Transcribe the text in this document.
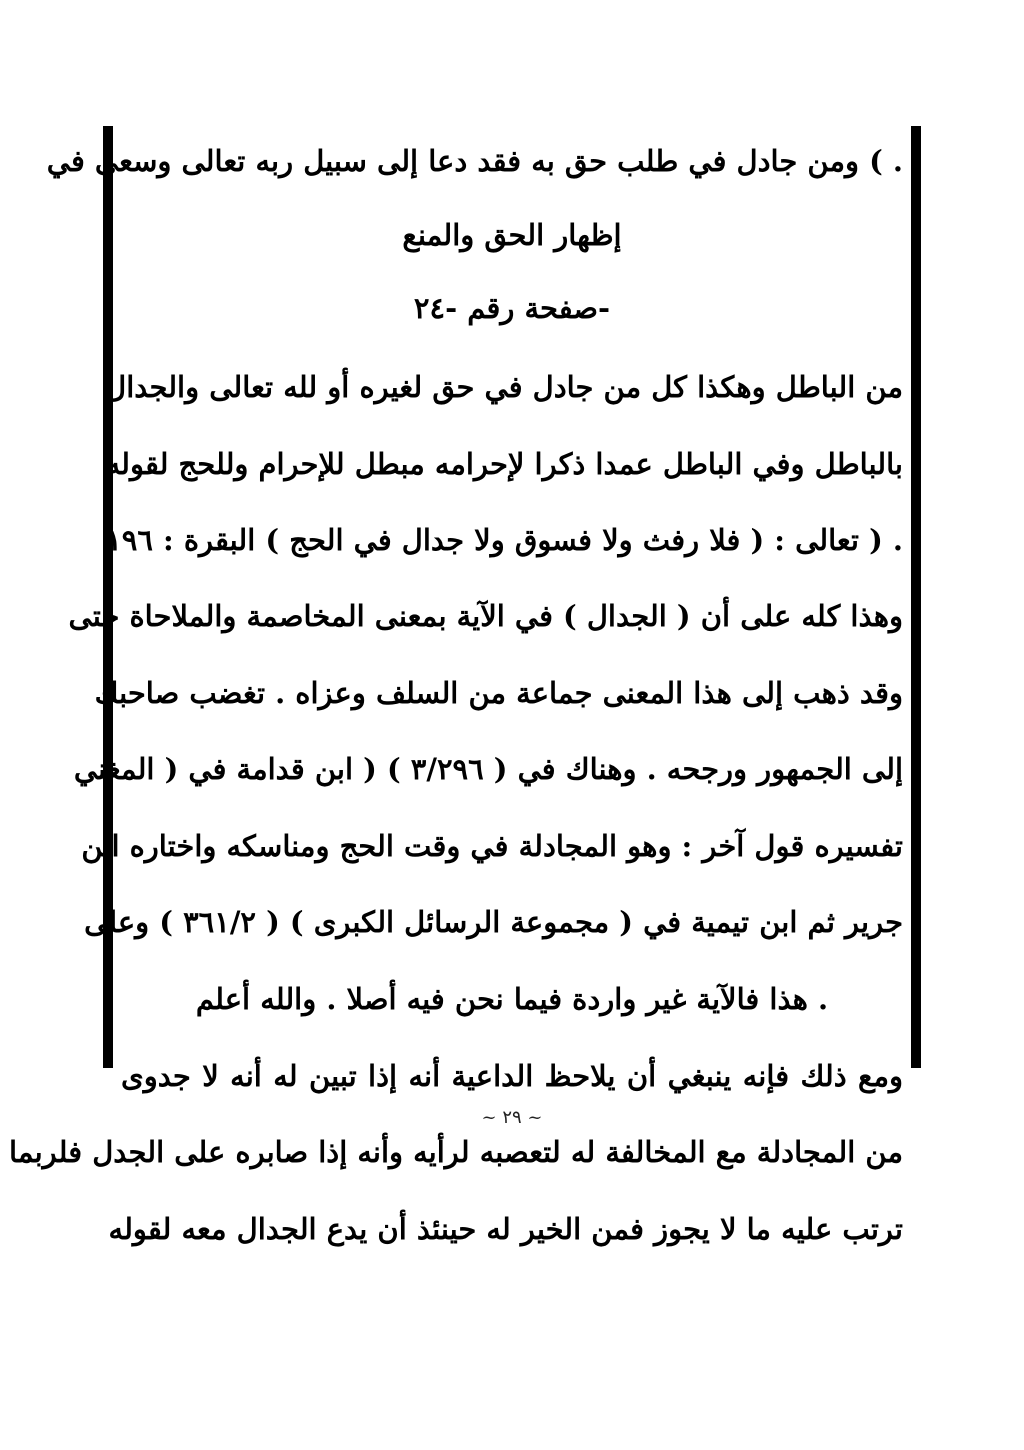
. ) ومن جادل في طلب حق به فقد دعا إلى سبيل ربه تعالى وسعى في
إظهار الحق والمنع
-صفحة رقم -٢٤
من الباطل وهكذا كل من جادل في حق لغيره أو لله تعالى والجدال
بالباطل وفي الباطل عمدا ذكرا لإحرامه مبطل للإحرام وللحج لقوله
. ( تعالى : ( فلا رفث ولا فسوق ولا جدال في الحج ) البقرة : ١٩٦
وهذا كله على أن ( الجدال ) في الآية بمعنى المخاصمة والملاحاة حتى
وقد ذهب إلى هذا المعنى جماعة من السلف وعزاه . تغضب صاحبك
إلى الجمهور ورجحه . وهناك في ( ٣/٢٩٦ ) ( ابن قدامة في ( المغني
تفسيره قول آخر : وهو المجادلة في وقت الحج ومناسكه واختاره ابن
جرير ثم ابن تيمية في ( مجموعة الرسائل الكبرى ) ( ٣٦١/٢ ) وعلى
. هذا فالآية غير واردة فيما نحن فيه أصلا . والله أعلم
ومع ذلك فإنه ينبغي أن يلاحظ الداعية أنه إذا تبين له أنه لا جدوى
من المجادلة مع المخالفة له لتعصبه لرأيه وأنه إذا صابره على الجدل فلربما
ترتب عليه ما لا يجوز فمن الخير له حينئذ أن يدع الجدال معه لقوله
~ ٢٩ ~
